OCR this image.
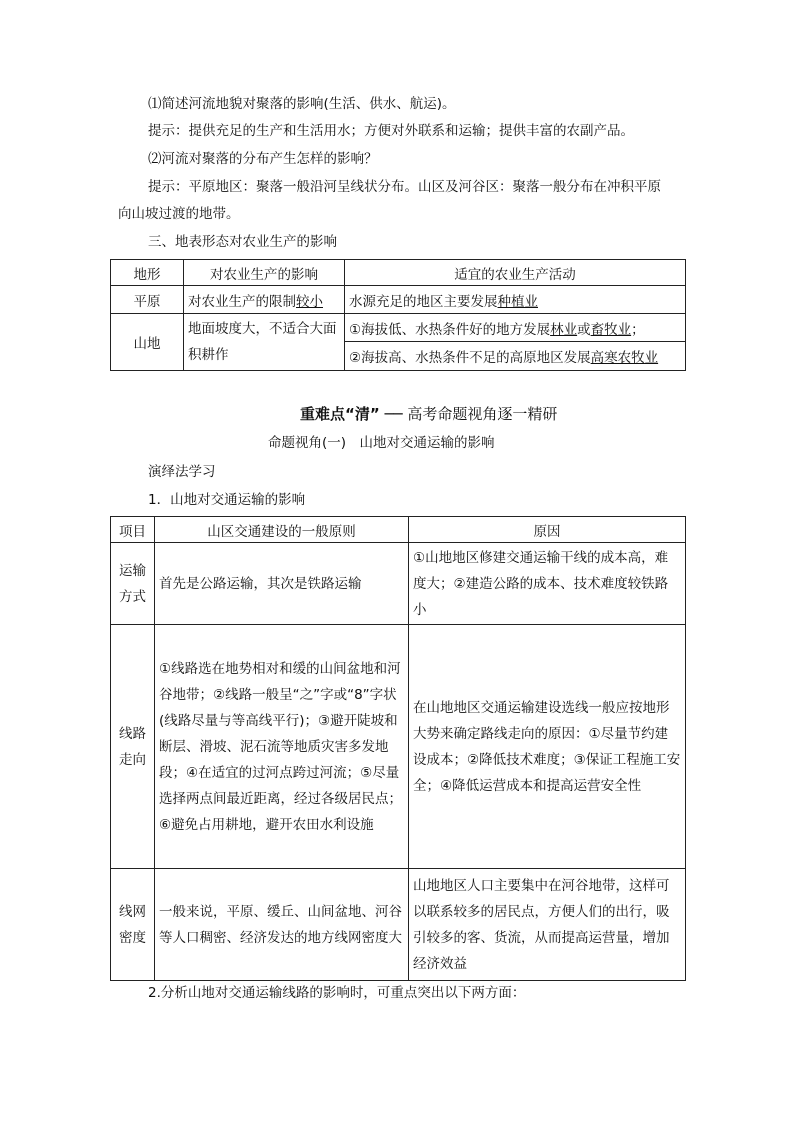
⑴简述河流地貌对聚落的影响(生活、供水、航运)。
提示：提供充足的生产和生活用水；方便对外联系和运输；提供丰富的农副产品。
⑵河流对聚落的分布产生怎样的影响？
提示：平原地区：聚落一般沿河呈线状分布。山区及河谷区：聚落一般分布在冲积平原
向山坡过渡的地带。
三、地表形态对农业生产的影响
地形	对农业生产的影响	适宜的农业生产活动
平原	对农业生产的限制较小	水源充足的地区主要发展种植业
山地	地面坡度大，不适合大面积耕作	①海拔低、水热条件好的地方发展林业或畜牧业；
		②海拔高、水热条件不足的高原地区发展高寒农牧业
重难点“清” ── 高考命题视角逐一精研
命题视角(一)　山地对交通运输的影响
演绎法学习
1．山地对交通运输的影响
项目	山区交通建设的一般原则	原因
运输方式	首先是公路运输，其次是铁路运输	①山地地区修建交通运输干线的成本高，难度大；②建造公路的成本、技术难度较铁路小
线路走向	①线路选在地势相对和缓的山间盆地和河谷地带；②线路一般呈“之”字或“8”字状(线路尽量与等高线平行)；③避开陡坡和断层、滑坡、泥石流等地质灾害多发地段；④在适宜的过河点跨过河流；⑤尽量选择两点间最近距离，经过各级居民点；⑥避免占用耕地，避开农田水利设施	在山地地区交通运输建设选线一般应按地形大势来确定路线走向的原因：①尽量节约建设成本；②降低技术难度；③保证工程施工安全；④降低运营成本和提高运营安全性
线网密度	一般来说，平原、缓丘、山间盆地、河谷等人口稠密、经济发达的地方线网密度大	山地地区人口主要集中在河谷地带，这样可以联系较多的居民点，方便人们的出行，吸引较多的客、货流，从而提高运营量，增加经济效益
2.分析山地对交通运输线路的影响时，可重点突出以下两方面：
